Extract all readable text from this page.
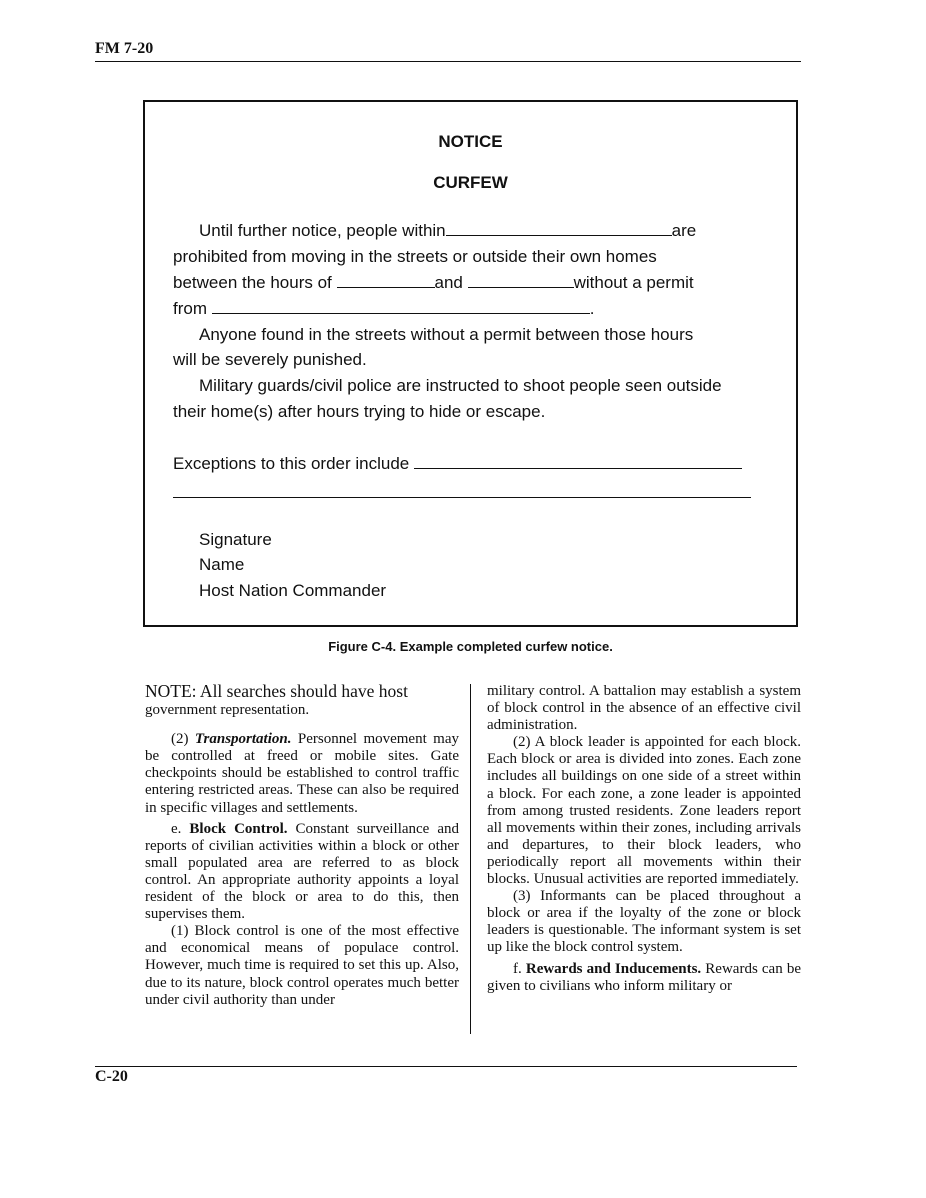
FM 7-20
NOTICE
CURFEW
Until further notice, people within	are
prohibited from moving in the streets or outside their own homes
between the hours of	and	without a permit
from	.
Anyone found in the streets without a permit between those hours
will be severely punished.
Military guards/civil police are instructed to shoot people seen outside
their home(s) after hours trying to hide or escape.
Exceptions to this order include
Signature
Name
Host Nation Commander
Figure C-4. Example completed curfew notice.

NOTE: All searches should have host
government representation.

(2) Transportation. Personnel movement may be controlled at freed or mobile sites. Gate checkpoints should be established to control traffic entering restricted areas. These can also be required in specific villages and settlements.

e. Block Control. Constant surveillance and reports of civilian activities within a block or other small populated area are referred to as block control. An appropriate authority appoints a loyal resident of the block or area to do this, then supervises them.

(1) Block control is one of the most effective and economical means of populace control. However, much time is required to set this up. Also, due to its nature, block control operates much better under civil authority than under

military control. A battalion may establish a system of block control in the absence of an effective civil administration.

(2) A block leader is appointed for each block. Each block or area is divided into zones. Each zone includes all buildings on one side of a street within a block. For each zone, a zone leader is appointed from among trusted residents. Zone leaders report all movements within their zones, including arrivals and departures, to their block leaders, who periodically report all movements within their blocks. Unusual activities are reported immediately.

(3) Informants can be placed throughout a block or area if the loyalty of the zone or block leaders is questionable. The informant system is set up like the block control system.

f. Rewards and Inducements. Rewards can be given to civilians who inform military or

C-20
